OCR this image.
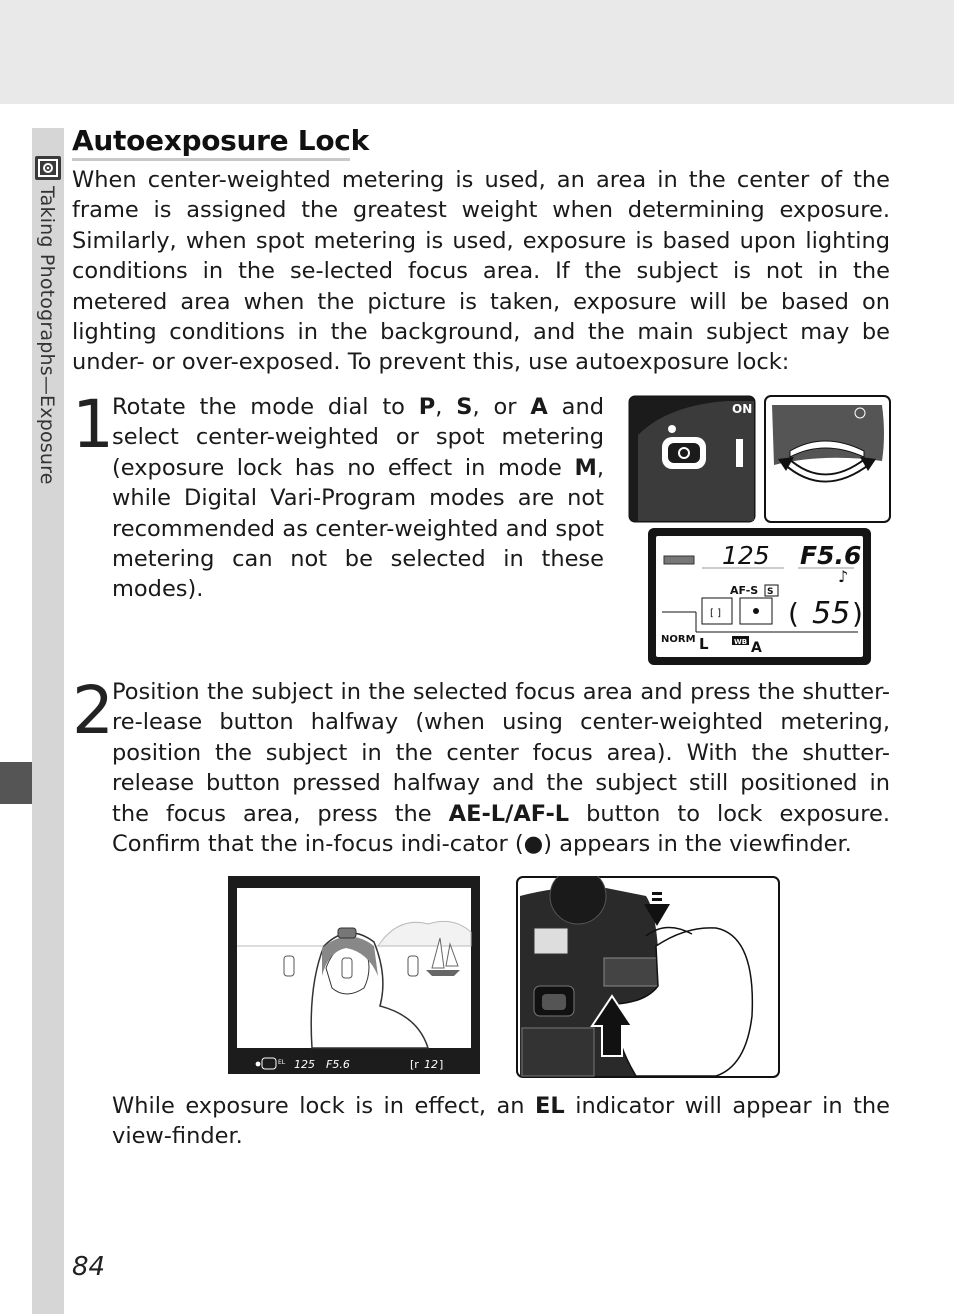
Taking Photographs—Exposure
Autoexposure Lock

When center-weighted metering is used, an area in the center of the frame is assigned the greatest weight when determining exposure. Similarly, when spot metering is used, exposure is based upon lighting conditions in the se-lected focus area. If the subject is not in the metered area when the picture is taken, exposure will be based on lighting conditions in the background, and the main subject may be under- or over-exposed. To prevent this, use autoexposure lock:

1

Rotate the mode dial to P, S, or A and select center-weighted or spot metering (exposure lock has no effect in mode M, while Digital Vari-Program modes are not recommended as center-weighted and spot metering can not be selected in these modes).

ON
125 F5.6
♪
AF-S S
[ ] ( 55 )
NORM L	WB A
2

Position the subject in the selected focus area and press the shutter-re-lease button halfway (when using center-weighted metering, position the subject in the center focus area). With the shutter-release button pressed halfway and the subject still positioned in the focus area, press the AE-L/AF-L button to lock exposure. Confirm that the in-focus indi-cator (●) appears in the viewfinder.

EL 125 F5.6	[r 12 ]

While exposure lock is in effect, an EL indicator will appear in the view-finder.

84
